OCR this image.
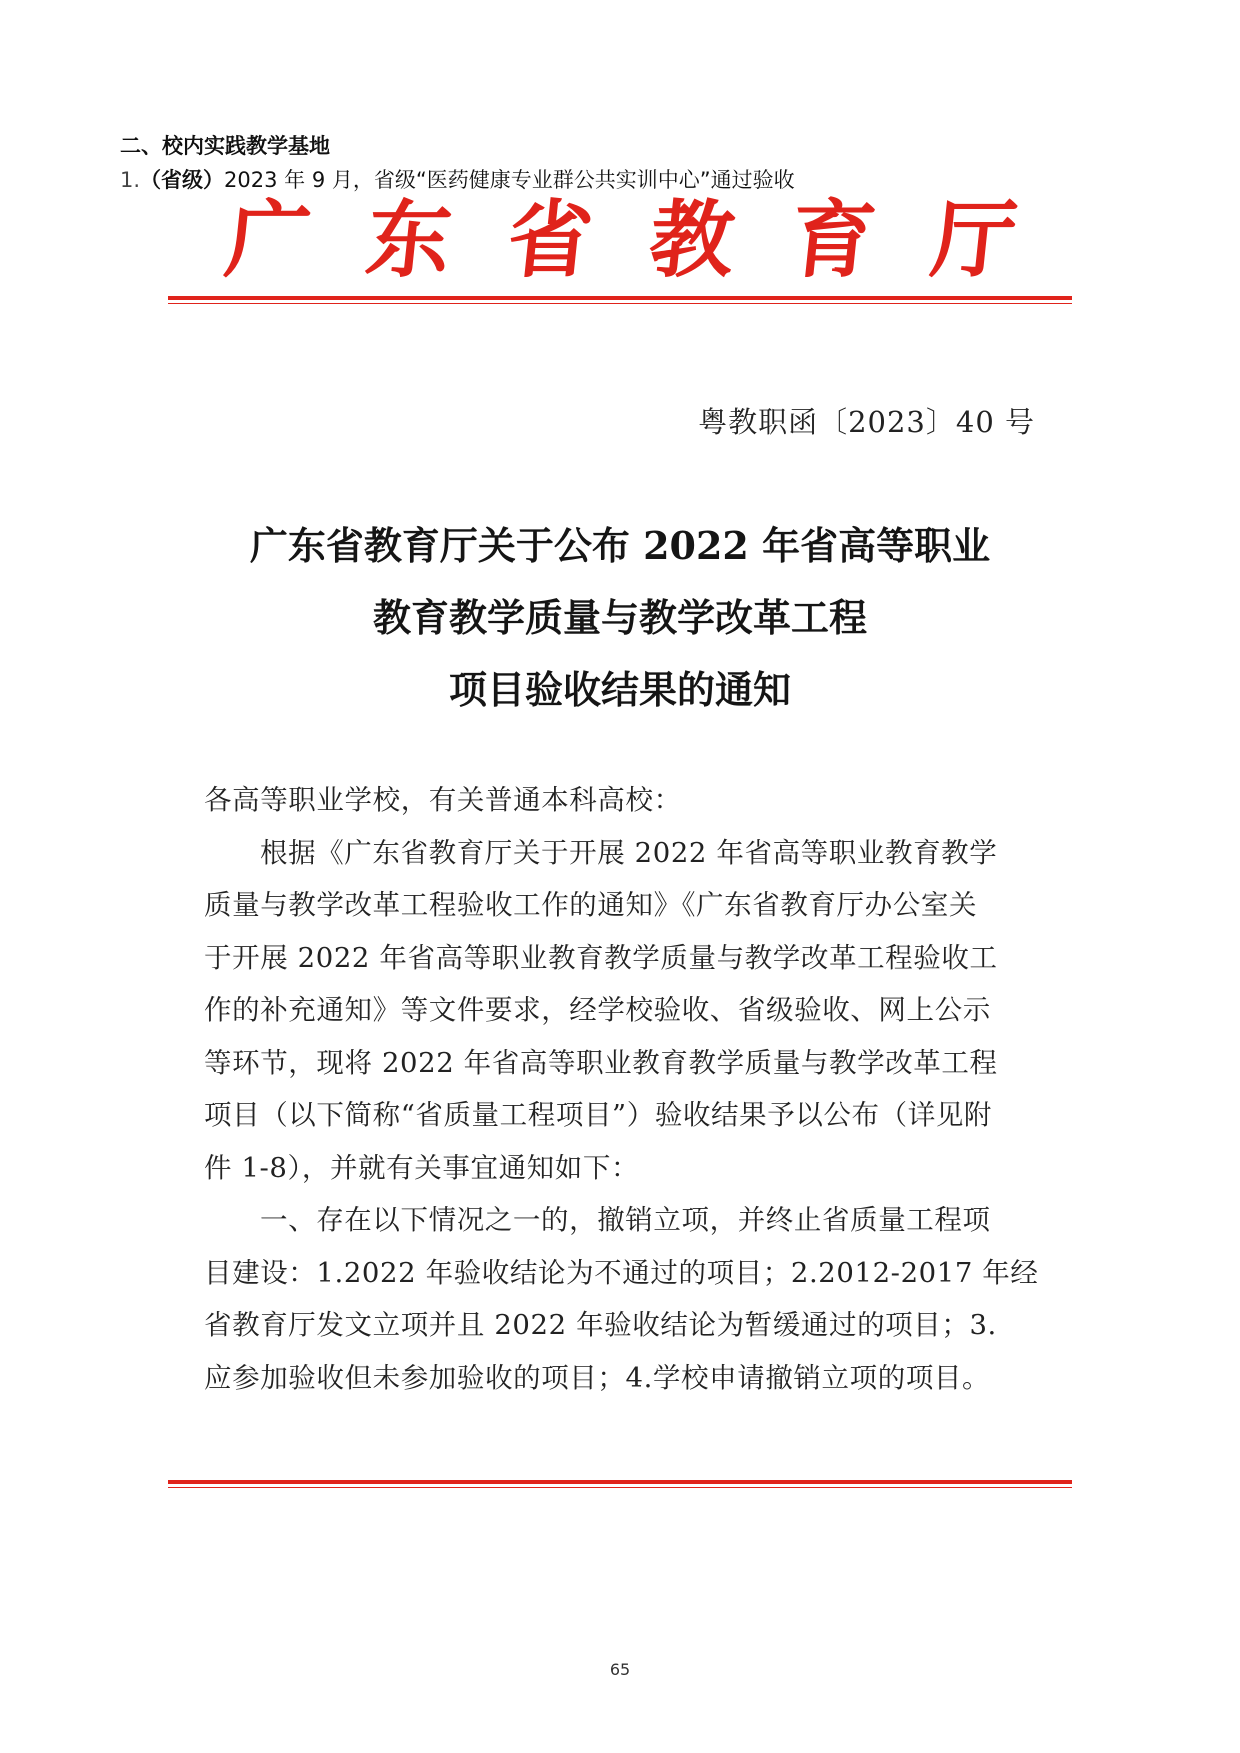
二、校内实践教学基地
1.（省级）2023 年 9 月，省级“医药健康专业群公共实训中心”通过验收
广 东 省 教 育 厅
粤教职函〔2023〕40 号
广东省教育厅关于公布 2022 年省高等职业
教育教学质量与教学改革工程
项目验收结果的通知
各高等职业学校，有关普通本科高校：
根据《广东省教育厅关于开展 2022 年省高等职业教育教学
质量与教学改革工程验收工作的通知》《广东省教育厅办公室关
于开展 2022 年省高等职业教育教学质量与教学改革工程验收工
作的补充通知》等文件要求，经学校验收、省级验收、网上公示
等环节，现将 2022 年省高等职业教育教学质量与教学改革工程
项目（以下简称“省质量工程项目”）验收结果予以公布（详见附
件 1-8），并就有关事宜通知如下：
一、存在以下情况之一的，撤销立项，并终止省质量工程项
目建设：1.2022 年验收结论为不通过的项目；2.2012-2017 年经
省教育厅发文立项并且 2022 年验收结论为暂缓通过的项目；3.
应参加验收但未参加验收的项目；4.学校申请撤销立项的项目。
65
